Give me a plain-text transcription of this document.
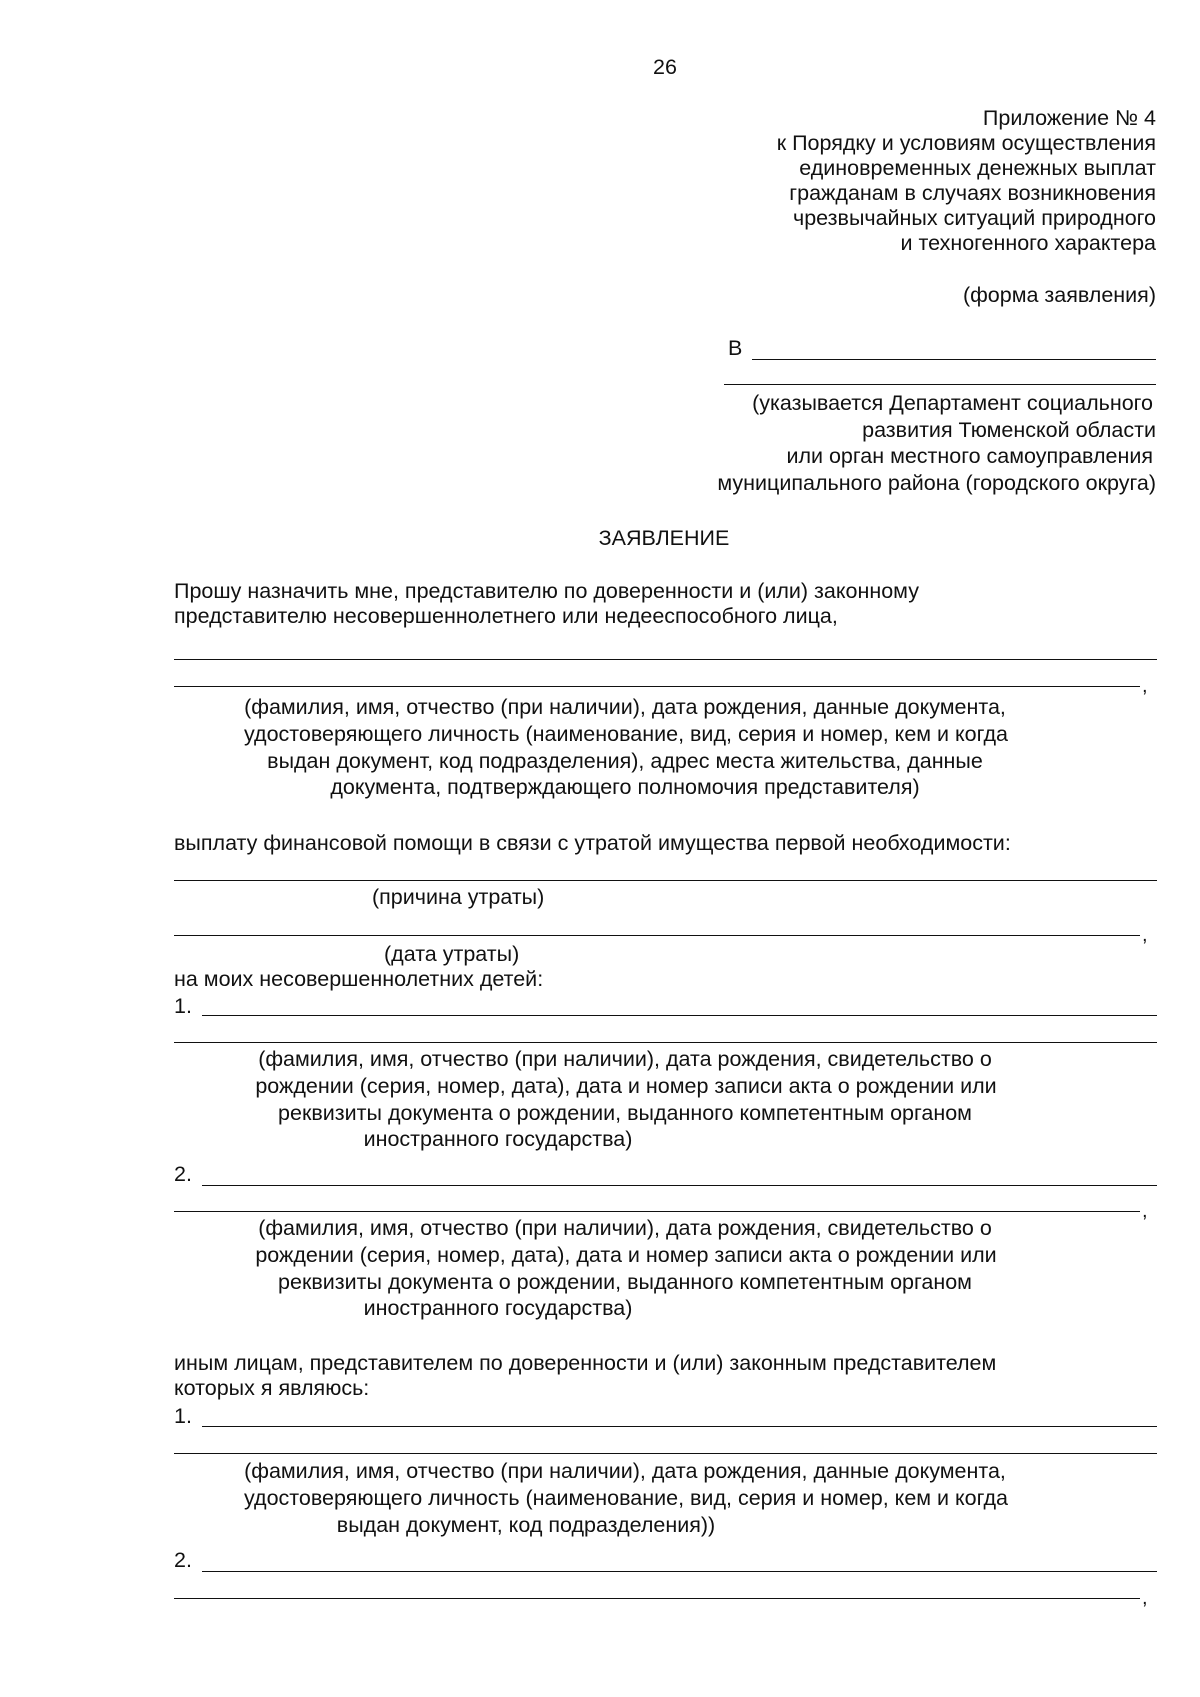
26
Приложение № 4
к Порядку и условиям осуществления
единовременных денежных выплат
гражданам в случаях возникновения
чрезвычайных ситуаций природного
и техногенного характера
(форма заявления)
В
(указывается Департамент социального
развития Тюменской области
или орган местного самоуправления
муниципального района (городского округа)
ЗАЯВЛЕНИЕ
Прошу назначить мне, представителю по доверенности и (или) законному
представителю несовершеннолетнего или недееспособного лица,
,
(фамилия, имя, отчество (при наличии), дата рождения, данные документа,
удостоверяющего личность (наименование, вид, серия и номер, кем и когда
выдан документ, код подразделения), адрес места жительства, данные
документа, подтверждающего полномочия представителя)
выплату финансовой помощи в связи с утратой имущества первой необходимости:
(причина утраты)
,
(дата утраты)
на моих несовершеннолетних детей:
1.
(фамилия, имя, отчество (при наличии), дата рождения, свидетельство о
рождении (серия, номер, дата), дата и номер записи акта о рождении или
реквизиты документа о рождении, выданного компетентным органом
иностранного государства)
2.
,
(фамилия, имя, отчество (при наличии), дата рождения, свидетельство о
рождении (серия, номер, дата), дата и номер записи акта о рождении или
реквизиты документа о рождении, выданного компетентным органом
иностранного государства)
иным лицам, представителем по доверенности и (или) законным представителем
которых я являюсь:
1.
(фамилия, имя, отчество (при наличии), дата рождения, данные документа,
удостоверяющего личность (наименование, вид, серия и номер, кем и когда
выдан документ, код подразделения))
2.
,
